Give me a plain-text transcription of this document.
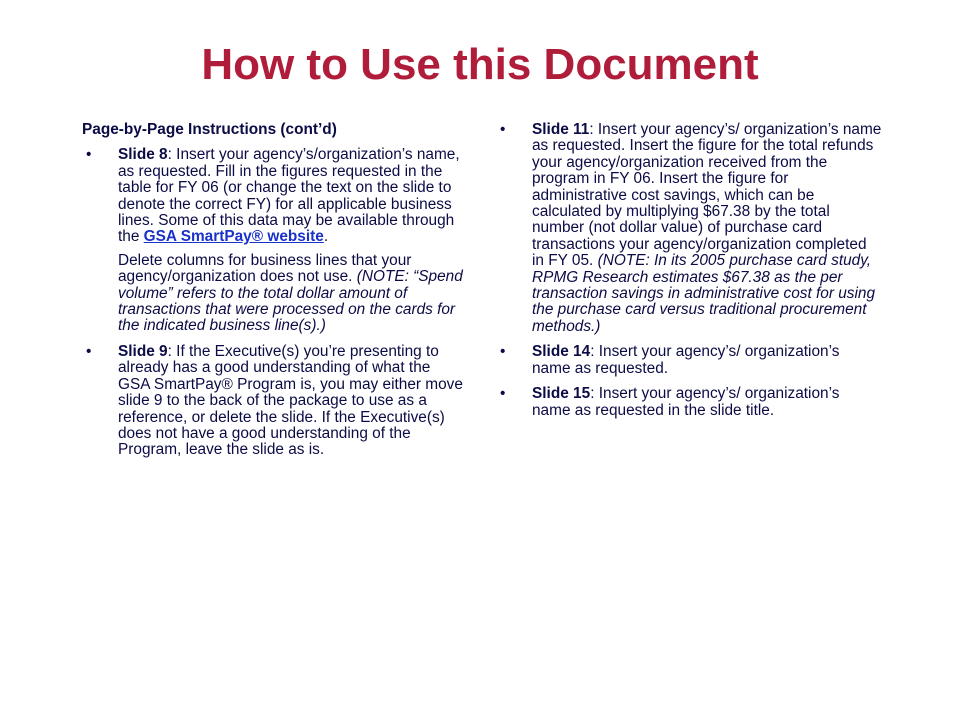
How to Use this Document

Page-by-Page Instructions (cont’d)

• Slide 8: Insert your agency’s/organization’s name, as requested. Fill in the figures requested in the table for FY 06 (or change the text on the slide to denote the correct FY) for all applicable business lines. Some of this data may be available through the GSA SmartPay® website.
Delete columns for business lines that your agency/organization does not use. (NOTE: “Spend volume” refers to the total dollar amount of transactions that were processed on the cards for the indicated business line(s).)
• Slide 9: If the Executive(s) you’re presenting to already has a good understanding of what the GSA SmartPay® Program is, you may either move slide 9 to the back of the package to use as a reference, or delete the slide. If the Executive(s) does not have a good understanding of the Program, leave the slide as is.
• Slide 11: Insert your agency’s/ organization’s name as requested. Insert the figure for the total refunds your agency/organization received from the program in FY 06. Insert the figure for administrative cost savings, which can be calculated by multiplying $67.38 by the total number (not dollar value) of purchase card transactions your agency/organization completed in FY 05. (NOTE: In its 2005 purchase card study, RPMG Research estimates $67.38 as the per transaction savings in administrative cost for using the purchase card versus traditional procurement methods.)
• Slide 14: Insert your agency’s/ organization’s name as requested.
• Slide 15: Insert your agency’s/ organization’s name as requested in the slide title.
